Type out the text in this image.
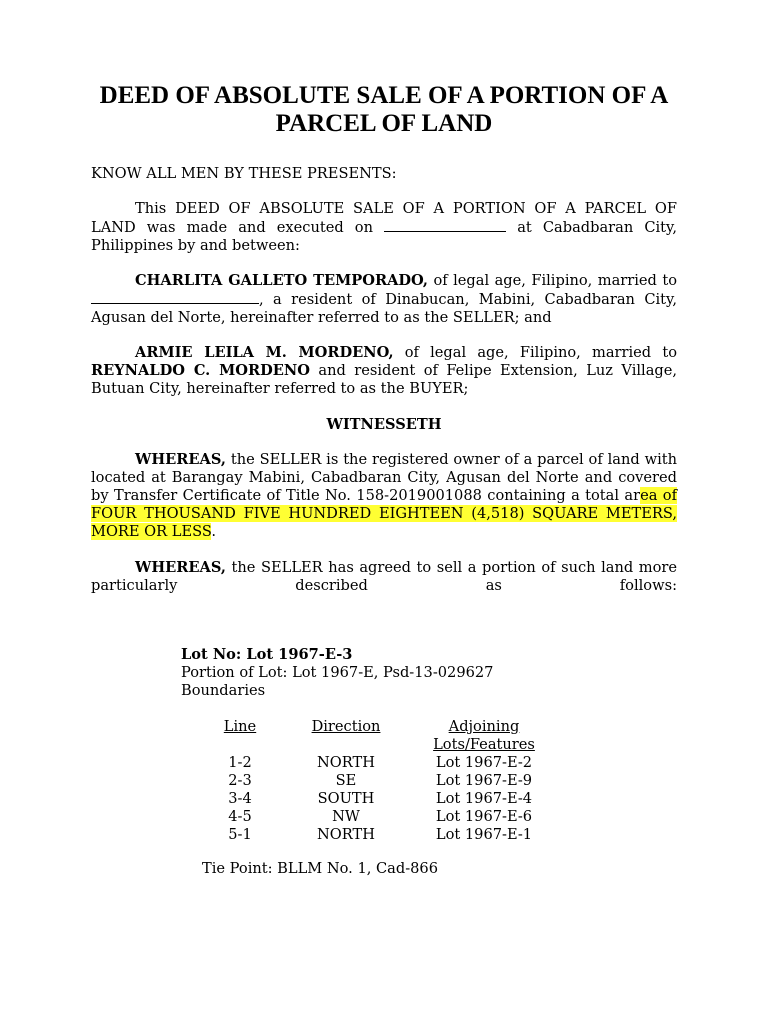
DEED OF ABSOLUTE SALE OF A PORTION OF A
PARCEL OF LAND
KNOW ALL MEN BY THESE PRESENTS:
This DEED OF ABSOLUTE SALE OF A PORTION OF A PARCEL OF LAND was made and executed on	at Cabadbaran City, Philippines by and between:
CHARLITA GALLETO TEMPORADO, of legal age, Filipino, married to, a resident of Dinabucan, Mabini, Cabadbaran City, Agusan del Norte, hereinafter referred to as the SELLER; and
ARMIE LEILA M. MORDENO, of legal age, Filipino, married to REYNALDO C. MORDENO and resident of Felipe Extension, Luz Village, Butuan City, hereinafter referred to as the BUYER;
WITNESSETH
WHEREAS, the SELLER is the registered owner of a parcel of land with located at Barangay Mabini, Cabadbaran City, Agusan del Norte and covered by Transfer Certificate of Title No. 158-2019001088 containing a total area of FOUR THOUSAND FIVE HUNDRED EIGHTEEN (4,518) SQUARE METERS, MORE OR LESS.
WHEREAS, the SELLER has agreed to sell a portion of such land more particularly described as follows:
Lot No: Lot 1967-E-3
Portion of Lot: Lot 1967-E, Psd-13-029627
Boundaries
Line	Direction	Adjoining Lots/Features
1-2	NORTH	Lot 1967-E-2
2-3	SE	Lot 1967-E-9
3-4	SOUTH	Lot 1967-E-4
4-5	NW	Lot 1967-E-6
5-1	NORTH	Lot 1967-E-1
Tie Point: BLLM No. 1, Cad-866
